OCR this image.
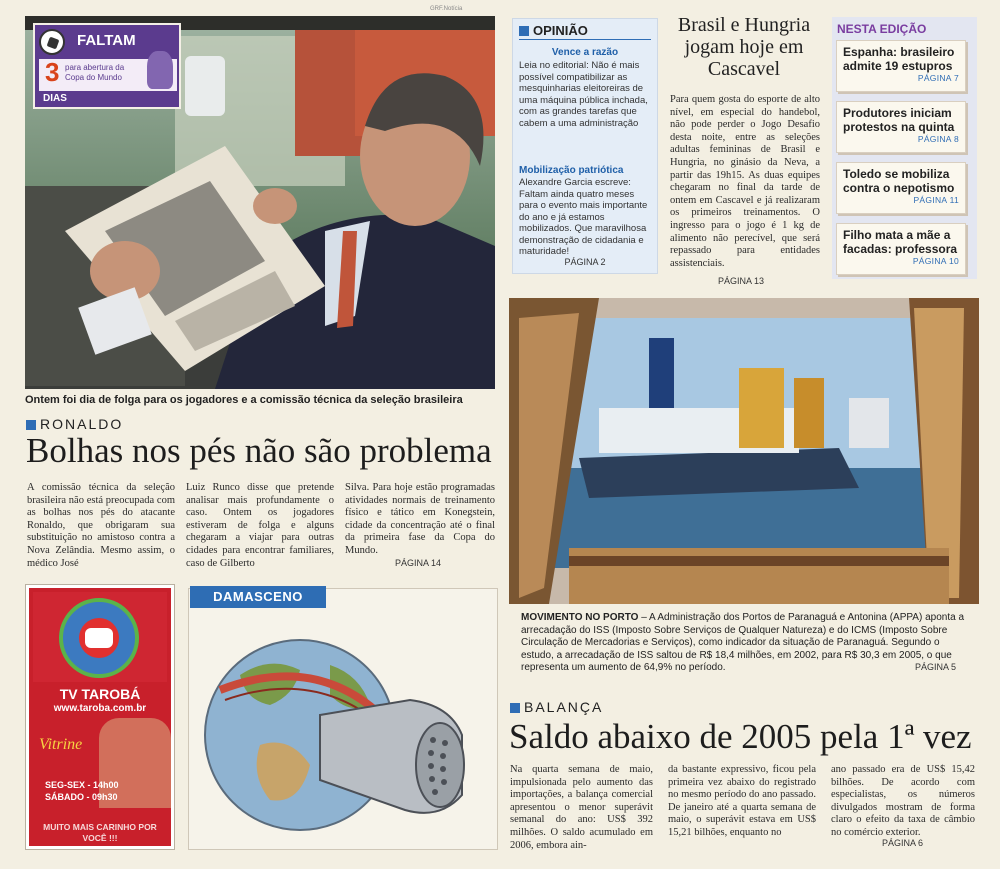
GRF.Notícia
FALTAM
3 para abertura da Copa do Mundo
DIAS
Ontem foi dia de folga para os jogadores e a comissão técnica da seleção brasileira
RONALDO
Bolhas nos pés não são problema
A comissão técnica da seleção brasileira não está preocupada com as bolhas nos pés do atacante Ronaldo, que obrigaram sua substituição no amistoso contra a Nova Zelândia. Mesmo assim, o médico José
Luiz Runco disse que pretende analisar mais profundamente o caso. Ontem os jogadores estiveram de folga e alguns chegaram a viajar para outras cidades para encontrar familiares, caso de Gilberto
Silva. Para hoje estão programadas atividades normais de treinamento físico e tático em Konegstein, cidade da concentração até o final da primeira fase da Copa do Mundo.
PÁGINA 14
OPINIÃO
Vence a razão
Leia no editorial: Não é mais possível compatibilizar as mesquinharias eleitoreiras de uma máquina pública inchada, com as grandes tarefas que cabem a uma administração
Mobilização patriótica
Alexandre Garcia escreve: Faltam ainda quatro meses para o evento mais importante do ano e já estamos mobilizados. Que maravilhosa demonstração de cidadania e maturidade!
PÁGINA 2
Brasil e Hungria jogam hoje em Cascavel
Para quem gosta do esporte de alto nível, em especial do handebol, não pode perder o Jogo Desafio desta noite, entre as seleções adultas femininas de Brasil e Hungria, no ginásio da Neva, a partir das 19h15. As duas equipes chegaram no final da tarde de ontem em Cascavel e já realizaram os primeiros treinamentos. O ingresso para o jogo é 1 kg de alimento não perecível, que será repassado para entidades assistenciais.
PÁGINA 13
NESTA EDIÇÃO
Espanha: brasileiro admite 19 estupros
PÁGINA 7
Produtores iniciam protestos na quinta
PÁGINA 8
Toledo se mobiliza contra o nepotismo
PÁGINA 11
Filho mata a mãe a facadas: professora
PÁGINA 10
MOVIMENTO NO PORTO – A Administração dos Portos de Paranaguá e Antonina (APPA) aponta a arrecadação do ISS (Imposto Sobre Serviços de Qualquer Natureza) e do ICMS (Imposto Sobre Circulação de Mercadorias e Serviços), como indicador da situação de Paranaguá. Segundo o estudo, a arrecadação de ISS saltou de R$ 18,4 milhões, em 2002, para R$ 30,3 em 2005, o que representa um aumento de 64,9% no período.	PÁGINA 5
TV TAROBÁ
www.taroba.com.br
Vitrine
SEG-SEX - 14h00
SÁBADO - 09h30
MUITO MAIS CARINHO POR VOCÊ !!!
DAMASCENO
BALANÇA
Saldo abaixo de 2005 pela 1ª vez
Na quarta semana de maio, impulsionada pelo aumento das importações, a balança comercial apresentou o menor superávit semanal do ano: US$ 392 milhões. O saldo acumulado em 2006, embora ain-
da bastante expressivo, ficou pela primeira vez abaixo do registrado no mesmo período do ano passado. De janeiro até a quarta semana de maio, o superávit estava em US$ 15,21 bilhões, enquanto no
ano passado era de US$ 15,42 bilhões. De acordo com especialistas, os números divulgados mostram de forma claro o efeito da taxa de câmbio no comércio exterior.
PÁGINA 6
